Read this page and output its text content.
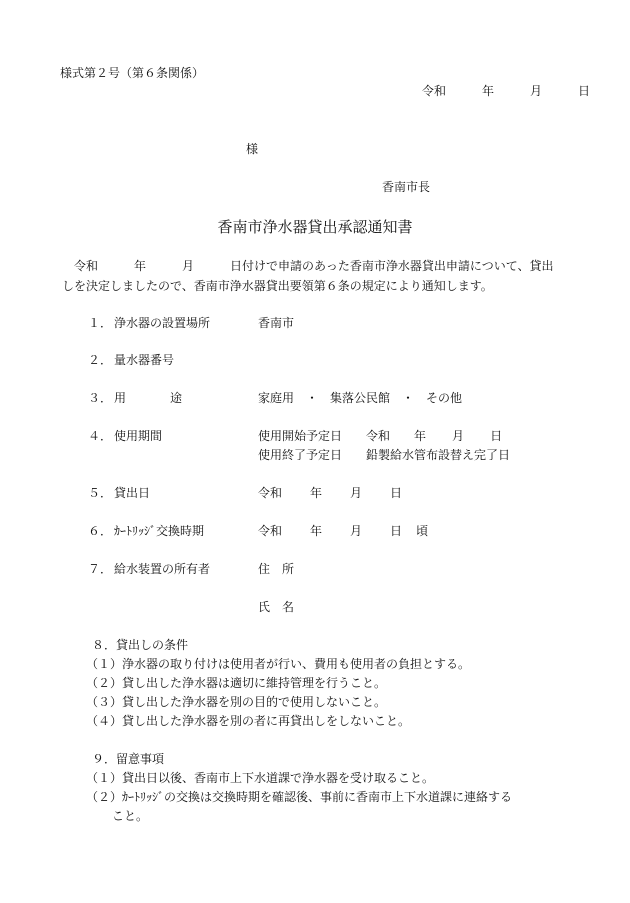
様式第２号（第６条関係）
令和	年	月	日
様
香南市長
香南市浄水器貸出承認通知書
令和	年	月	日付けで申請のあった香南市浄水器貸出申請について、貸出
しを決定しましたので、香南市浄水器貸出要領第６条の規定により通知します。
１． 浄水器の設置場所	香南市
２． 量水器番号
３． 用	途	家庭用　・　集落公民館　・　その他
４． 使用期間	使用開始予定日 令和 年 月 日
使用終了予定日 鉛製給水管布設替え完了日
５． 貸出日	令和 年 月 日
６． ｶｰﾄﾘｯｼﾞ交換時期	令和 年 月 日 頃
７． 給水装置の所有者	住　所
氏　名
８．貸出しの条件
（１）浄水器の取り付けは使用者が行い、費用も使用者の負担とする。
（２）貸し出した浄水器は適切に維持管理を行うこと。
（３）貸し出した浄水器を別の目的で使用しないこと。
（４）貸し出した浄水器を別の者に再貸出しをしないこと。
９．留意事項
（１）貸出日以後、香南市上下水道課で浄水器を受け取ること。
（２）ｶｰﾄﾘｯｼﾞの交換は交換時期を確認後、事前に香南市上下水道課に連絡する
こと。
